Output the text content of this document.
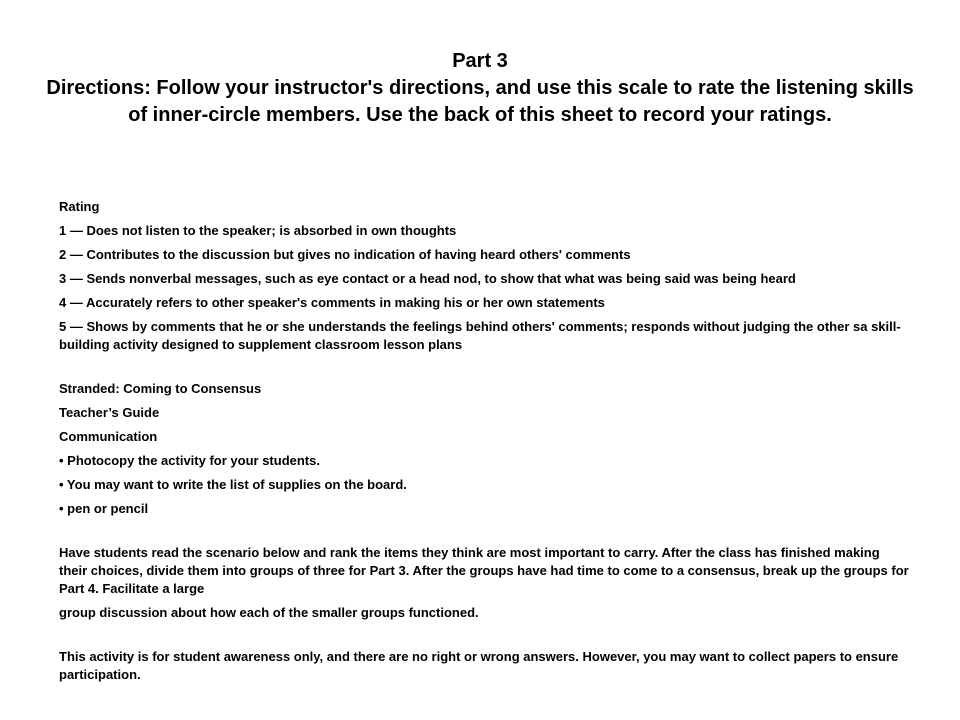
Part 3
Directions: Follow your instructor's directions, and use this scale to rate the listening skills of inner-circle members. Use the back of this sheet to record your ratings.

Rating

1 — Does not listen to the speaker; is absorbed in own thoughts

2 — Contributes to the discussion but gives no indication of having heard others' comments

3 — Sends nonverbal messages, such as eye contact or a head nod, to show that what was being said was being heard

4 — Accurately refers to other speaker's comments in making his or her own statements

5 — Shows by comments that he or she understands the feelings behind others' comments; responds without judging the other sa skill-building activity designed to supplement classroom lesson plans

Stranded: Coming to Consensus

Teacher’s Guide

Communication

• Photocopy the activity for your students.

• You may want to write the list of supplies on the board.

• pen or pencil

Have students read the scenario below and rank the items they think are most important to carry. After the class has finished making their choices, divide them into groups of three for Part 3. After the groups have had time to come to a consensus, break up the groups for Part 4. Facilitate a large

group discussion about how each of the smaller groups functioned.

This activity is for student awareness only, and there are no right or wrong answers. However, you may want to collect papers to ensure participation.
